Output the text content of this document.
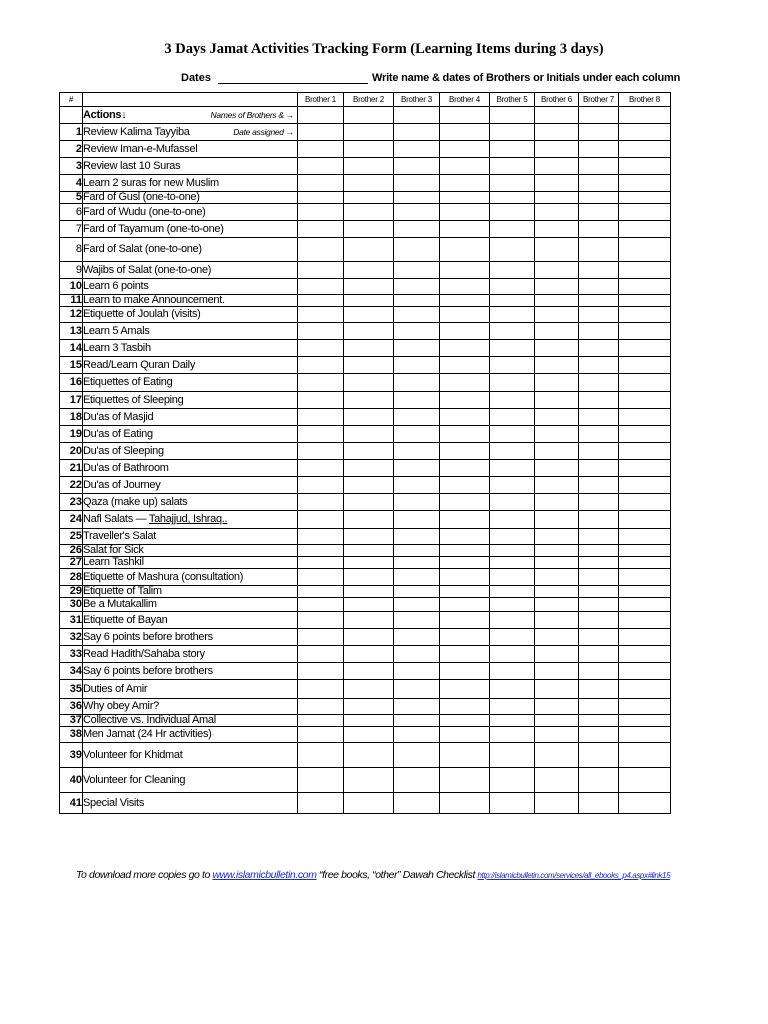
3 Days Jamat Activities Tracking Form (Learning Items during 3 days)
Dates	Write name & dates of Brothers or Initials under each column
#		Brother 1	Brother 2	Brother 3	Brother 4	Brother 5	Brother 6	Brother 7	Brother 8
	Actions↓ Names of Brothers & →								

1	Review Kalima Tayyiba Date assigned →								

2	Review Iman-e-Mufassel								
3	Review last 10 Suras								
4	Learn 2 suras for new Muslim								
5	Fard of Gusl (one-to-one)								
6	Fard of Wudu (one-to-one)								
7	Fard of Tayamum (one-to-one)								
8	Fard of Salat (one-to-one)								
9	Wajibs of Salat (one-to-one)								
10	Learn 6 points								
11	Learn to make Announcement.								
12	Etiquette of Joulah (visits)								
13	Learn 5 Amals								
14	Learn 3 Tasbih								
15	Read/Learn Quran Daily								
16	Etiquettes of Eating								
17	Etiquettes of Sleeping								
18	Du'as of Masjid								
19	Du'as of Eating								
20	Du'as of Sleeping								
21	Du'as of Bathroom								
22	Du'as of Journey								
23	Qaza (make up) salats								
24	Nafl Salats — Tahajjud, Ishraq..								
25	Traveller's Salat								
26	Salat for Sick								
27	Learn Tashkil								
28	Etiquette of Mashura (consultation)								
29	Etiquette of Talim								
30	Be a Mutakallim								
31	Etiquette of Bayan								
32	Say 6 points before brothers								
33	Read Hadith/Sahaba story								
34	Say 6 points before brothers								
35	Duties of Amir								
36	Why obey Amir?								
37	Collective vs. Individual Amal								
38	Men Jamat (24 Hr activities)								
39	Volunteer for Khidmat								
40	Volunteer for Cleaning								
41	Special Visits								
To download more copies go to www.islamicbulletin.com “free books, “other” Dawah Checklist http://islamicbulletin.com/services/all_ebooks_p4.aspx#link15
